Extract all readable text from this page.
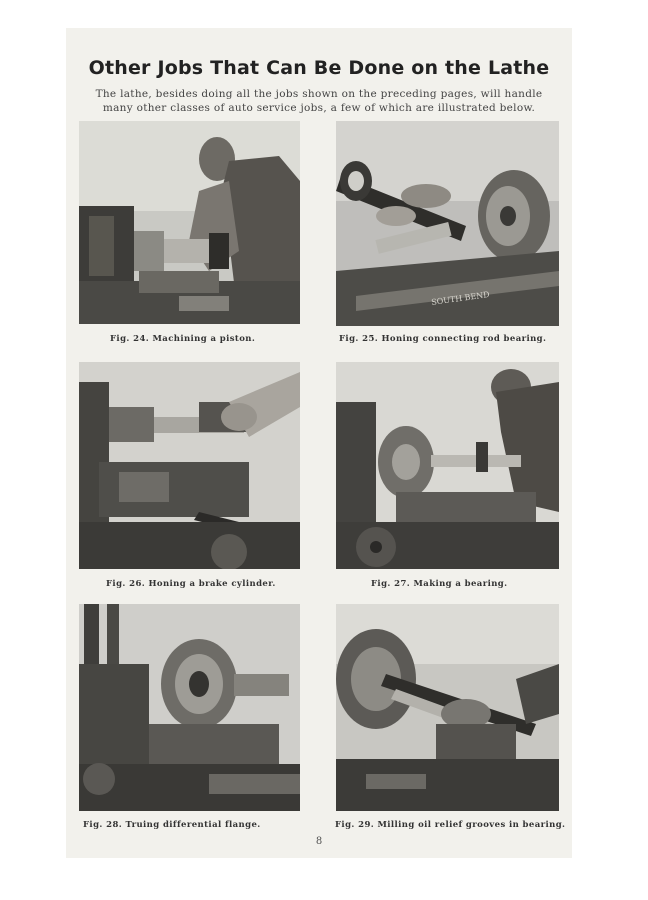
Other Jobs That Can Be Done on the Lathe

The lathe, besides doing all the jobs shown on the preceding pages, will handle
many other classes of auto service jobs, a few of which are illustrated below.

Fig. 24. Machining a piston.

SOUTH BEND

Fig. 25. Honing connecting rod bearing.

Fig. 26. Honing a brake cylinder.	Fig. 27. Making a bearing.

Fig. 28. Truing differential flange.	Fig. 29. Milling oil relief grooves in bearing.

8
